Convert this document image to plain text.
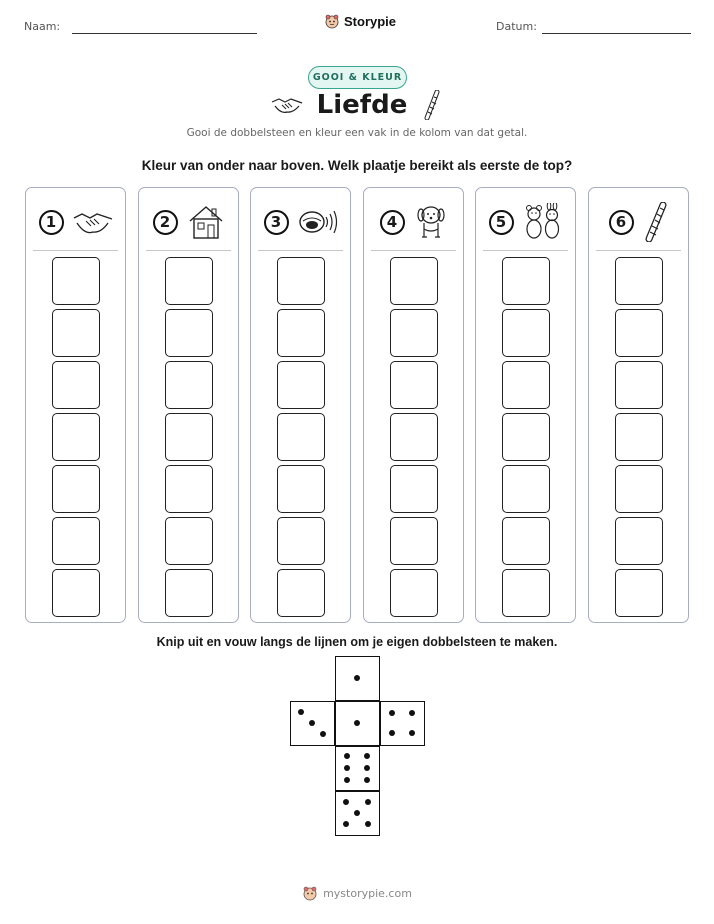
Naam:	Storypie	Datum:
GOOI & KLEUR
Liefde
Gooi de dobbelsteen en kleur een vak in de kolom van dat getal.
Kleur van onder naar boven. Welk plaatje bereikt als eerste de top?
1	2	3	4	5	6
Knip uit en vouw langs de lijnen om je eigen dobbelsteen te maken.
mystorypie.com
